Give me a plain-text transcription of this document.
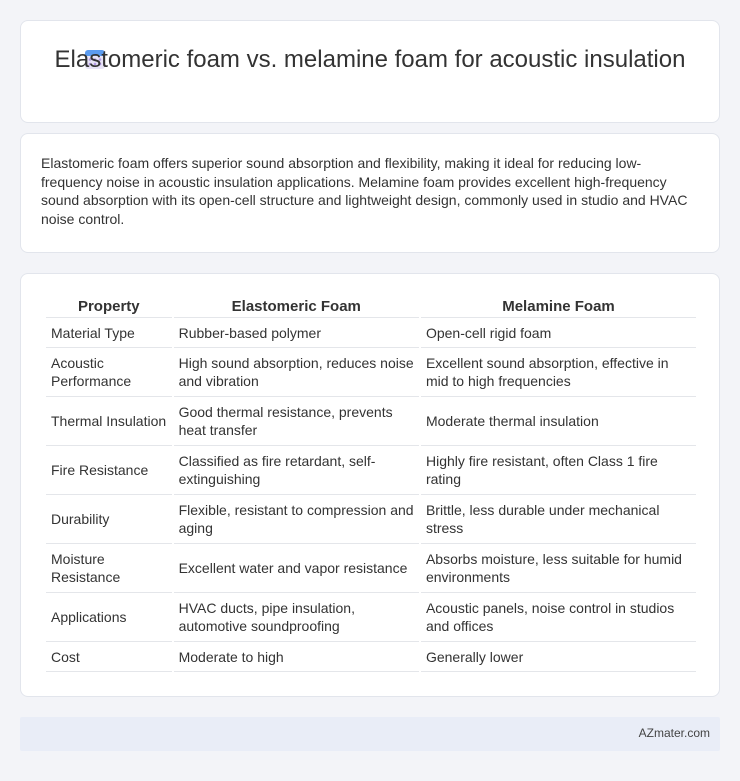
Elastomeric foam vs. melamine foam for acoustic insulation

Elastomeric foam offers superior sound absorption and flexibility, making it ideal for reducing low-frequency noise in acoustic insulation applications. Melamine foam provides excellent high-frequency sound absorption with its open-cell structure and lightweight design, commonly used in studio and HVAC noise control.

Property	Elastomeric Foam	Melamine Foam
Material Type	Rubber-based polymer	Open-cell rigid foam
Acoustic Performance	High sound absorption, reduces noise and vibration	Excellent sound absorption, effective in mid to high frequencies
Thermal Insulation	Good thermal resistance, prevents heat transfer	Moderate thermal insulation
Fire Resistance	Classified as fire retardant, self-extinguishing	Highly fire resistant, often Class 1 fire rating
Durability	Flexible, resistant to compression and aging	Brittle, less durable under mechanical stress
Moisture Resistance	Excellent water and vapor resistance	Absorbs moisture, less suitable for humid environments
Applications	HVAC ducts, pipe insulation, automotive soundproofing	Acoustic panels, noise control in studios and offices
Cost	Moderate to high	Generally lower
AZmater.com
